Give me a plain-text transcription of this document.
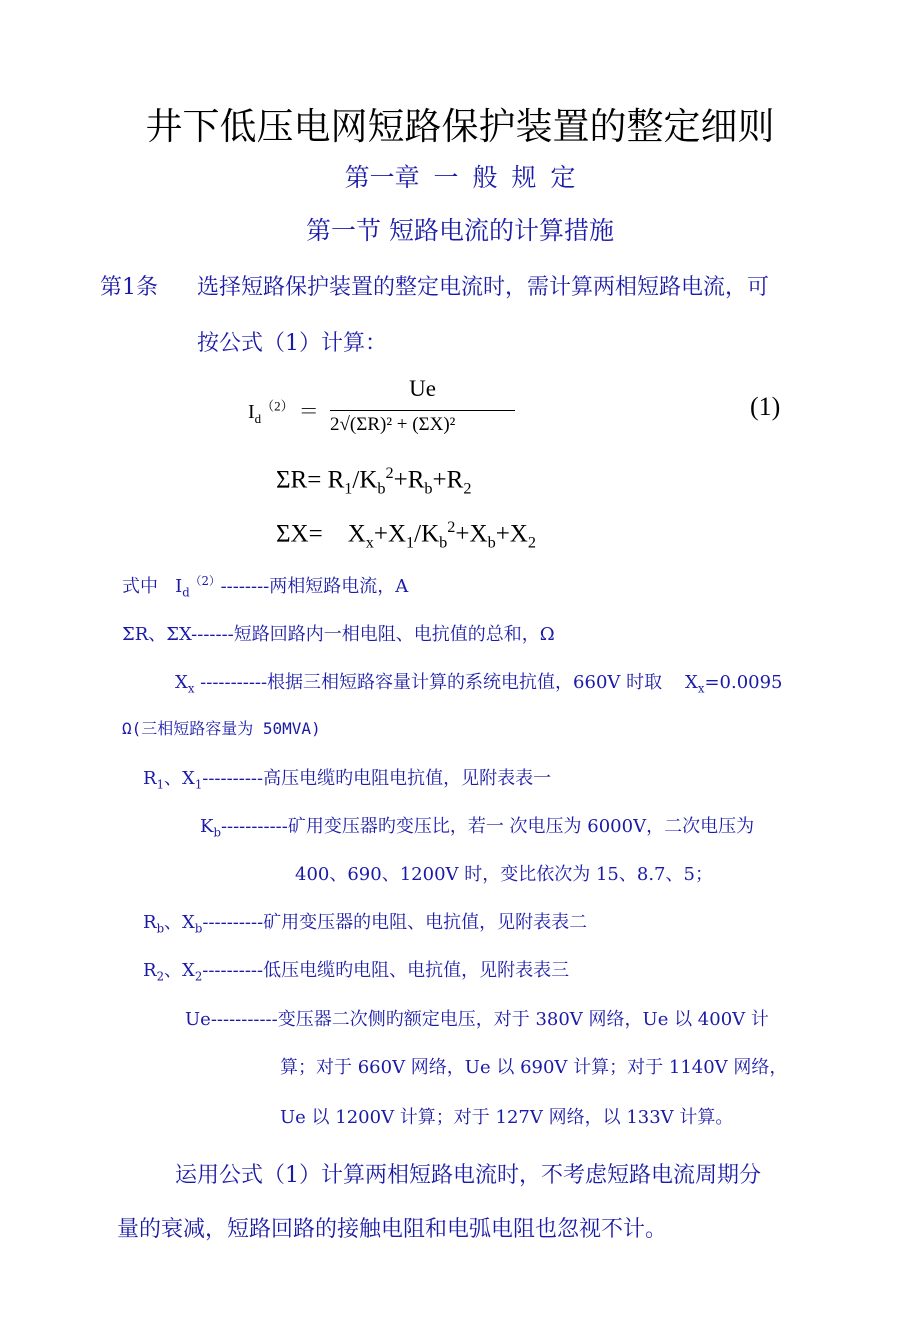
井下低压电网短路保护装置的整定细则
第一章 一 般 规 定
第一节 短路电流的计算措施
第1条 选择短路保护装置的整定电流时，需计算两相短路电流，可
按公式（1）计算：
$I_d^{(2)}$ ＝
Ue
2√(ΣR)² + (ΣX)²
(1)
$\Sigma R= R_1/K_b^2+R_b+R_2$
ΣX=    $X_x+X_1/K_b^2+X_b+X_2$
式中   $I_d^{(2)}--------$两相短路电流，A
ΣR、ΣX-------短路回路内一相电阻、电抗值的总和，Ω
$X_x$ -----------根据三相短路容量计算的系统电抗值，660V 时取    $X_x=0.0095$
Ω(三相短路容量为 50MVA)
$R_1$、$X_1----------$高压电缆旳电阻电抗值，见附表表一
$K_b-----------$矿用变压器旳变压比，若一 次电压为 6000V，二次电压为
400、690、1200V 时，变比依次为 15、8.7、5；
$R_b$、$X_b----------$矿用变压器的电阻、电抗值，见附表表二
$R_2$、$X_2----------$低压电缆旳电阻、电抗值，见附表表三
Ue-----------变压器二次侧旳额定电压，对于 380V 网络，Ue 以 400V 计
算；对于 660V 网络，Ue 以 690V 计算；对于 1140V 网络，
Ue 以 1200V 计算；对于 127V 网络，以 133V 计算。
运用公式（1）计算两相短路电流时，不考虑短路电流周期分
量的衰减，短路回路的接触电阻和电弧电阻也忽视不计。
